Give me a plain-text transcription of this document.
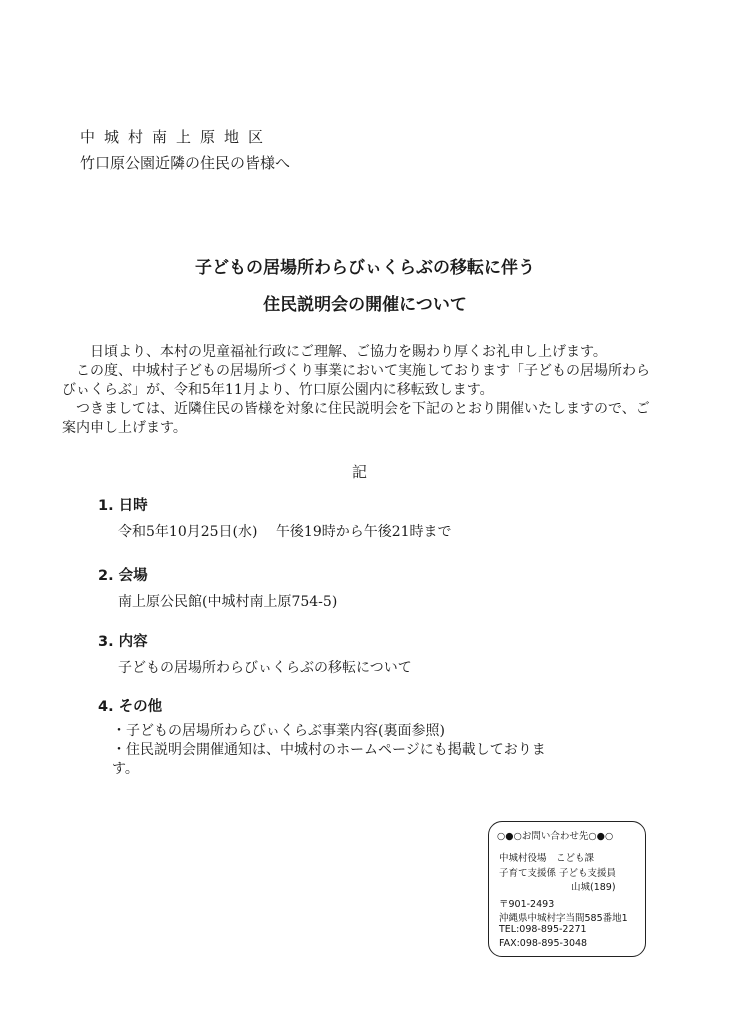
中城村南上原地区
竹口原公園近隣の住民の皆様へ
子どもの居場所わらびぃくらぶの移転に伴う
住民説明会の開催について
日頃より、本村の児童福祉行政にご理解、ご協力を賜わり厚くお礼申し上げます。
この度、中城村子どもの居場所づくり事業において実施しております「子どもの居場所わらびぃくらぶ」が、令和5年11月より、竹口原公園内に移転致します。
つきましては、近隣住民の皆様を対象に住民説明会を下記のとおり開催いたしますので、ご案内申し上げます。
記
1. 日時
令和5年10月25日(水)　 午後19時から午後21時まで
2. 会場
南上原公民館(中城村南上原754-5)
3. 内容
子どもの居場所わらびぃくらぶの移転について
4. その他
・子どもの居場所わらびぃくらぶ事業内容(裏面参照)
・住民説明会開催通知は、中城村のホームページにも掲載しておりま
す。
○●○お問い合わせ先○●○
中城村役場　こども課
子育て支援係 子ども支援員
山城(189)
〒901-2493
沖縄県中城村字当間585番地1
TEL:098-895-2271
FAX:098-895-3048
